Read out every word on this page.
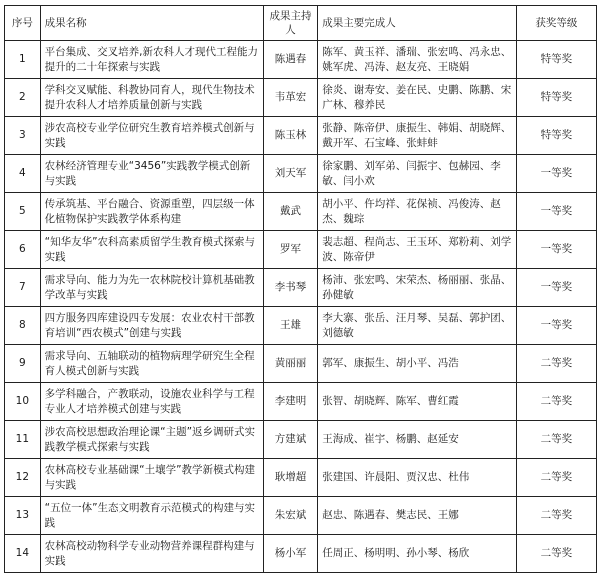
序号	成果名称	成果主持人	成果主要完成人	获奖等级
1	平台集成、交叉培养,新农科人才现代工程能力提升的二十年探索与实践	陈遇春	陈军、黄玉祥、潘瑞、张宏鸣、冯永忠、姚军虎、冯涛、赵友亮、王晓娟	特等奖
2	学科交叉赋能、科教协同育人，现代生物技术提升农科人才培养质量创新与实践	韦革宏	徐炎、谢寿安、姜在民、史鹏、陈鹏、宋广林、穆养民	特等奖
3	涉农高校专业学位研究生教育培养模式创新与实践	陈玉林	张静、陈帝伊、康振生、韩娟、胡晓辉、戴开军、石宝峰、张蚌蚌	特等奖
4	农林经济管理专业“3456”实践教学模式创新与实践	刘天军	徐家鹏、刘军弟、闫振宇、包赫园、李敏、闫小欢	一等奖
5	传承筑基、平台融合、资源重塑，四层级一体化植物保护实践教学体系构建	戴武	胡小平、仵均祥、花保祯、冯俊涛、赵杰、魏琮	一等奖
6	“知华友华”农科高素质留学生教育模式探索与实践	罗军	裴志超、程尚志、王玉环、郑粉莉、刘学波、陈帝伊	一等奖
7	需求导向、能力为先一农林院校计算机基础教学改革与实践	李书琴	杨沛、张宏鸣、宋荣杰、杨丽丽、张晶、孙健敏	一等奖
8	四方服务四库建设四专发展：农业农村干部教育培训“西农模式”创建与实践	王雄	李大寨、张岳、汪月琴、吴磊、郭护团、刘德敏	一等奖
9	需求导向、五轴联动的植物病理学研究生全程育人模式创新与实践	黄丽丽	郭军、康振生、胡小平、冯浩	二等奖
10	多学科融合，产教联动，设施农业科学与工程专业人才培养模式创建与实践	李建明	张智、胡晓辉、陈军、曹红霞	二等奖
11	涉农高校思想政治理论课“主题”返乡调研式实践教学模式探索与实践	方建斌	王海成、崔宇、杨鹏、赵延安	二等奖
12	农林高校专业基础课“土壤学”教学新模式构建与实践	耿增超	张建国、许晨阳、贾汉忠、杜伟	二等奖
13	“五位一体”生态文明教育示范模式的构建与实践	朱宏斌	赵忠、陈遇春、樊志民、王娜	二等奖
14	农林高校动物科学专业动物营养课程群构建与实践	杨小军	任周正、杨明明、孙小琴、杨欣	二等奖
